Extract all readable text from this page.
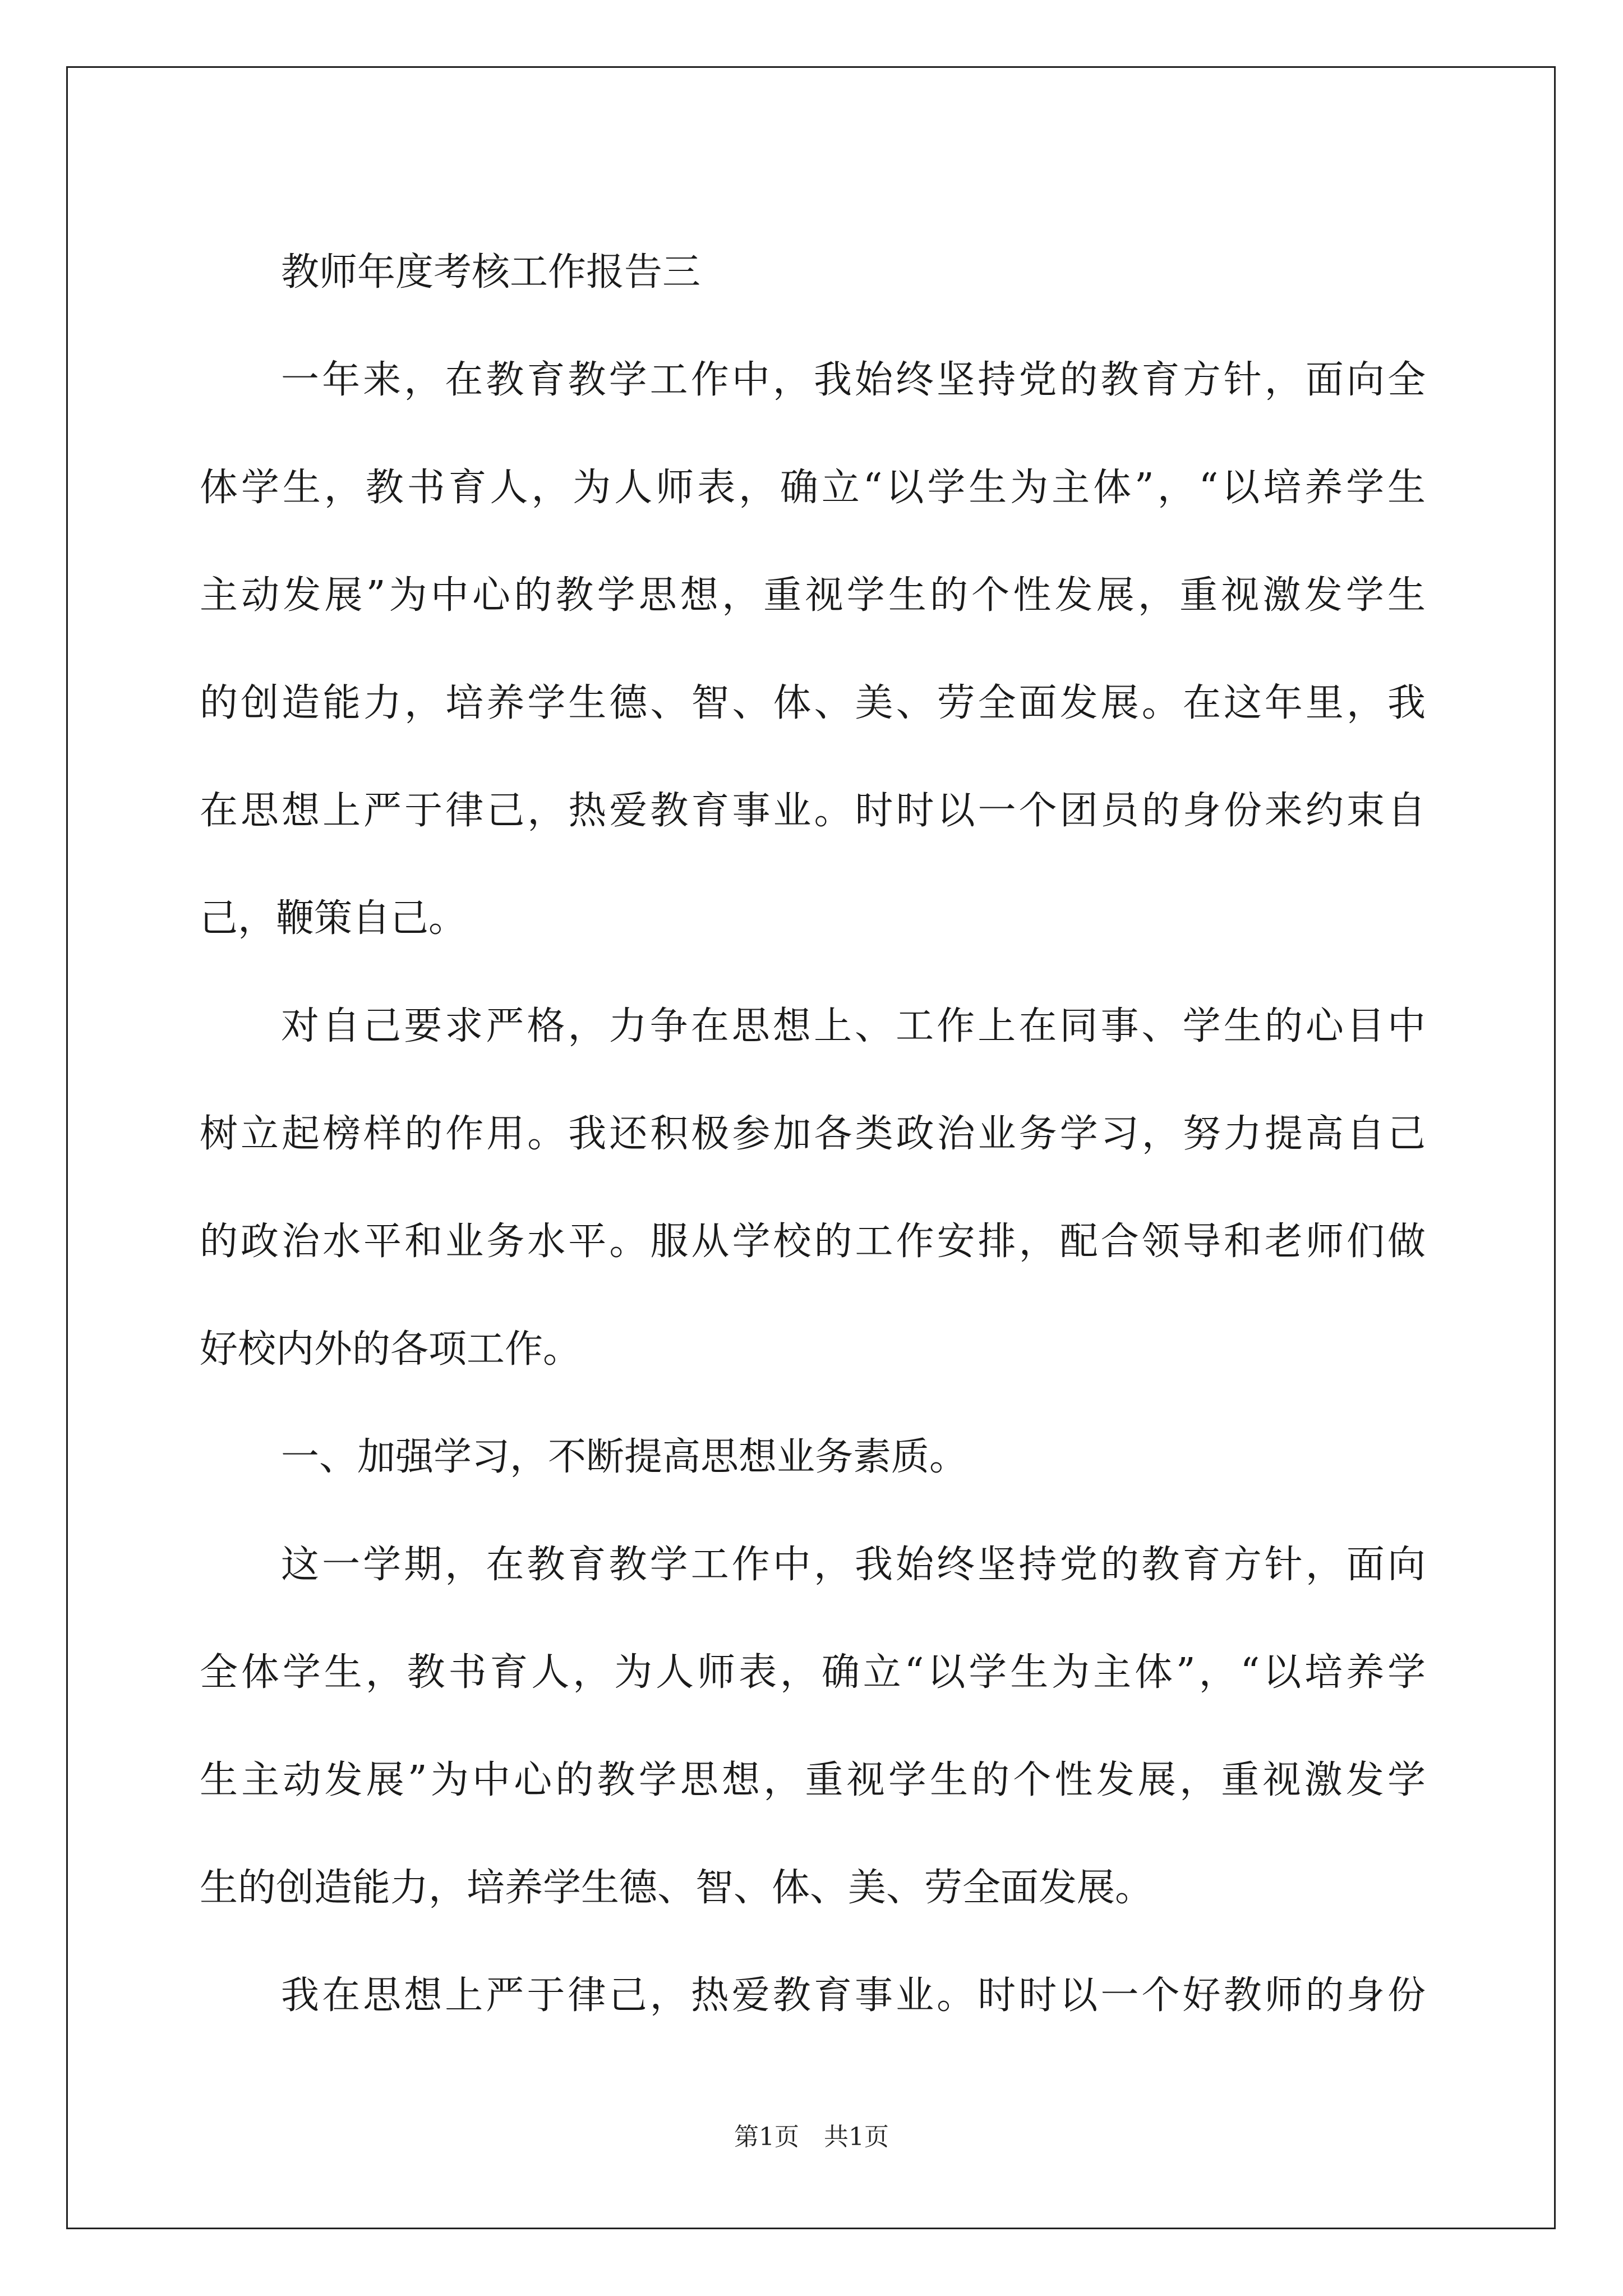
教师年度考核工作报告三
一年来，在教育教学工作中，我始终坚持党的教育方针，面向全
体学生，教书育人，为人师表，确立“以学生为主体”，“以培养学生
主动发展”为中心的教学思想，重视学生的个性发展，重视激发学生
的创造能力，培养学生德、智、体、美、劳全面发展。在这年里，我
在思想上严于律己，热爱教育事业。时时以一个团员的身份来约束自
己，鞭策自己。
对自己要求严格，力争在思想上、工作上在同事、学生的心目中
树立起榜样的作用。我还积极参加各类政治业务学习，努力提高自己
的政治水平和业务水平。服从学校的工作安排，配合领导和老师们做
好校内外的各项工作。
一、加强学习，不断提高思想业务素质。
这一学期，在教育教学工作中，我始终坚持党的教育方针，面向
全体学生，教书育人，为人师表，确立“以学生为主体”，“以培养学
生主动发展”为中心的教学思想，重视学生的个性发展，重视激发学
生的创造能力，培养学生德、智、体、美、劳全面发展。
我在思想上严于律己，热爱教育事业。时时以一个好教师的身份
第1页 共1页
